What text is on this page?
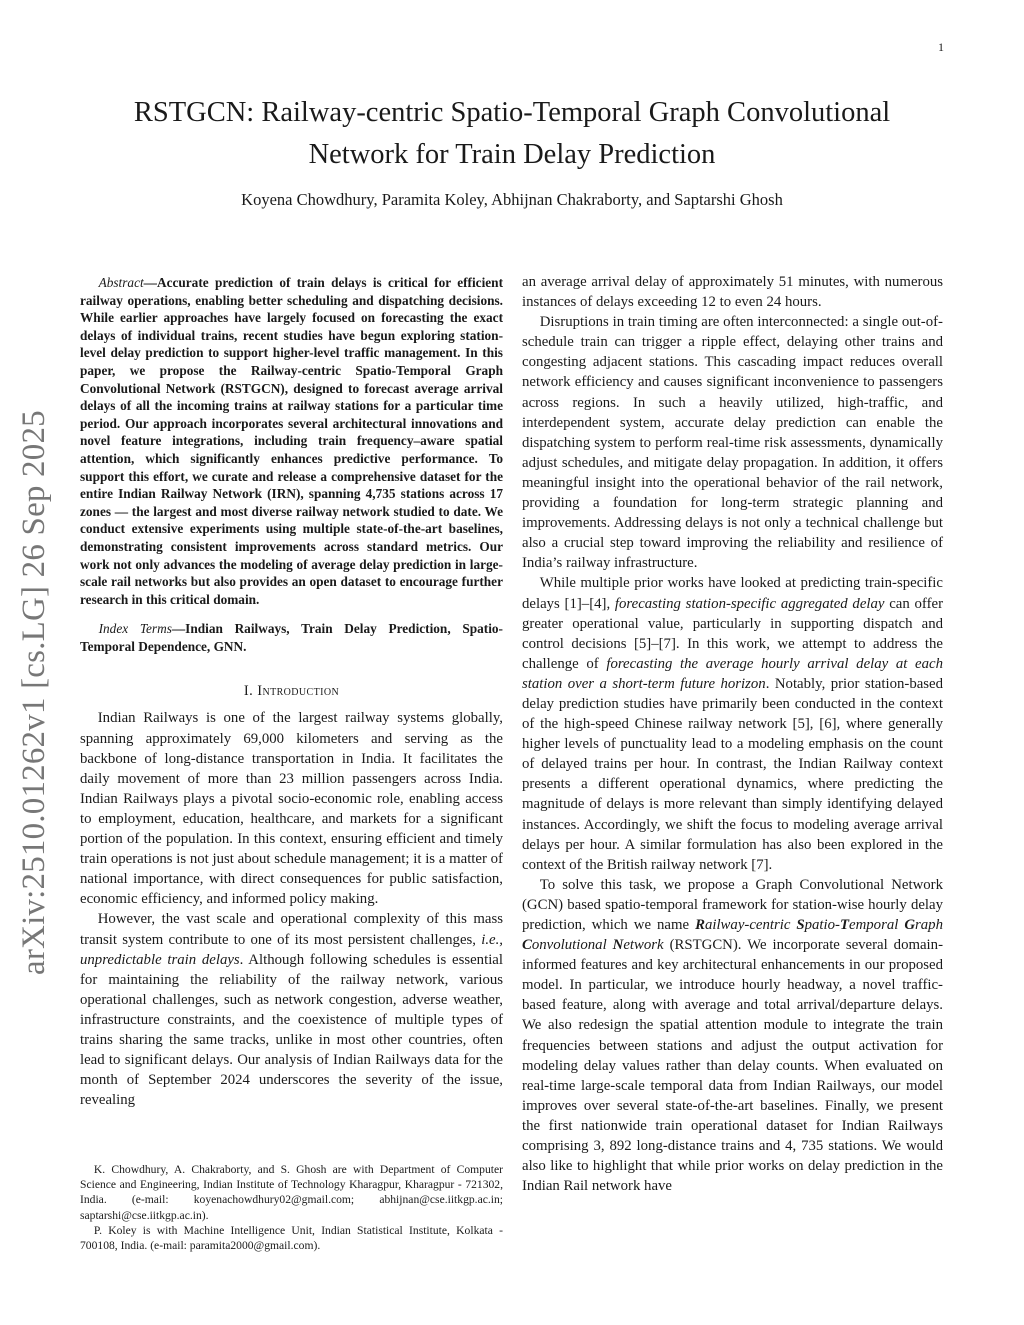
1
arXiv:2510.01262v1 [cs.LG] 26 Sep 2025
RSTGCN: Railway-centric Spatio-Temporal Graph Convolutional
Network for Train Delay Prediction
Koyena Chowdhury, Paramita Koley, Abhijnan Chakraborty, and Saptarshi Ghosh

Abstract—Accurate prediction of train delays is critical for efficient railway operations, enabling better scheduling and dispatching decisions. While earlier approaches have largely focused on forecasting the exact delays of individual trains, recent studies have begun exploring station-level delay prediction to support higher-level traffic management. In this paper, we propose the Railway-centric Spatio-Temporal Graph Convolutional Network (RSTGCN), designed to forecast average arrival delays of all the incoming trains at railway stations for a particular time period. Our approach incorporates several architectural innovations and novel feature integrations, including train frequency–aware spatial attention, which significantly enhances predictive performance. To support this effort, we curate and release a comprehensive dataset for the entire Indian Railway Network (IRN), spanning 4,735 stations across 17 zones — the largest and most diverse railway network studied to date. We conduct extensive experiments using multiple state-of-the-art baselines, demonstrating consistent improvements across standard metrics. Our work not only advances the modeling of average delay prediction in large-scale rail networks but also provides an open dataset to encourage further research in this critical domain.

Index Terms—Indian Railways, Train Delay Prediction, Spatio-Temporal Dependence, GNN.

I. Introduction

Indian Railways is one of the largest railway systems globally, spanning approximately 69,000 kilometers and serving as the backbone of long-distance transportation in India. It facilitates the daily movement of more than 23 million passengers across India. Indian Railways plays a pivotal socio-economic role, enabling access to employment, education, healthcare, and markets for a significant portion of the population. In this context, ensuring efficient and timely train operations is not just about schedule management; it is a matter of national importance, with direct consequences for public satisfaction, economic efficiency, and informed policy making.

However, the vast scale and operational complexity of this mass transit system contribute to one of its most persistent challenges, i.e., unpredictable train delays. Although following schedules is essential for maintaining the reliability of the railway network, various operational challenges, such as network congestion, adverse weather, infrastructure constraints, and the coexistence of multiple types of trains sharing the same tracks, unlike in most other countries, often lead to significant delays. Our analysis of Indian Railways data for the month of September 2024 underscores the severity of the issue, revealing

K. Chowdhury, A. Chakraborty, and S. Ghosh are with Department of Computer Science and Engineering, Indian Institute of Technology Kharagpur, Kharagpur - 721302, India. (e-mail: koyenachowdhury02@gmail.com; abhijnan@cse.iitkgp.ac.in; saptarshi@cse.iitkgp.ac.in).

P. Koley is with Machine Intelligence Unit, Indian Statistical Institute, Kolkata - 700108, India. (e-mail: paramita2000@gmail.com).

an average arrival delay of approximately 51 minutes, with numerous instances of delays exceeding 12 to even 24 hours.

Disruptions in train timing are often interconnected: a single out-of-schedule train can trigger a ripple effect, delaying other trains and congesting adjacent stations. This cascading impact reduces overall network efficiency and causes significant inconvenience to passengers across regions. In such a heavily utilized, high-traffic, and interdependent system, accurate delay prediction can enable the dispatching system to perform real-time risk assessments, dynamically adjust schedules, and mitigate delay propagation. In addition, it offers meaningful insight into the operational behavior of the rail network, providing a foundation for long-term strategic planning and improvements. Addressing delays is not only a technical challenge but also a crucial step toward improving the reliability and resilience of India’s railway infrastructure.

While multiple prior works have looked at predicting train-specific delays [1]–[4], forecasting station-specific aggregated delay can offer greater operational value, particularly in supporting dispatch and control decisions [5]–[7]. In this work, we attempt to address the challenge of forecasting the average hourly arrival delay at each station over a short-term future horizon. Notably, prior station-based delay prediction studies have primarily been conducted in the context of the high-speed Chinese railway network [5], [6], where generally higher levels of punctuality lead to a modeling emphasis on the count of delayed trains per hour. In contrast, the Indian Railway context presents a different operational dynamics, where predicting the magnitude of delays is more relevant than simply identifying delayed instances. Accordingly, we shift the focus to modeling average arrival delays per hour. A similar formulation has also been explored in the context of the British railway network [7].

To solve this task, we propose a Graph Convolutional Network (GCN) based spatio-temporal framework for station-wise hourly delay prediction, which we name Railway-centric Spatio-Temporal Graph Convolutional Network (RSTGCN). We incorporate several domain-informed features and key architectural enhancements in our proposed model. In particular, we introduce hourly headway, a novel traffic-based feature, along with average and total arrival/departure delays. We also redesign the spatial attention module to integrate the train frequencies between stations and adjust the output activation for modeling delay values rather than delay counts. When evaluated on real-time large-scale temporal data from Indian Railways, our model improves over several state-of-the-art baselines. Finally, we present the first nationwide train operational dataset for Indian Railways comprising 3, 892 long-distance trains and 4, 735 stations. We would also like to highlight that while prior works on delay prediction in the Indian Rail network have
